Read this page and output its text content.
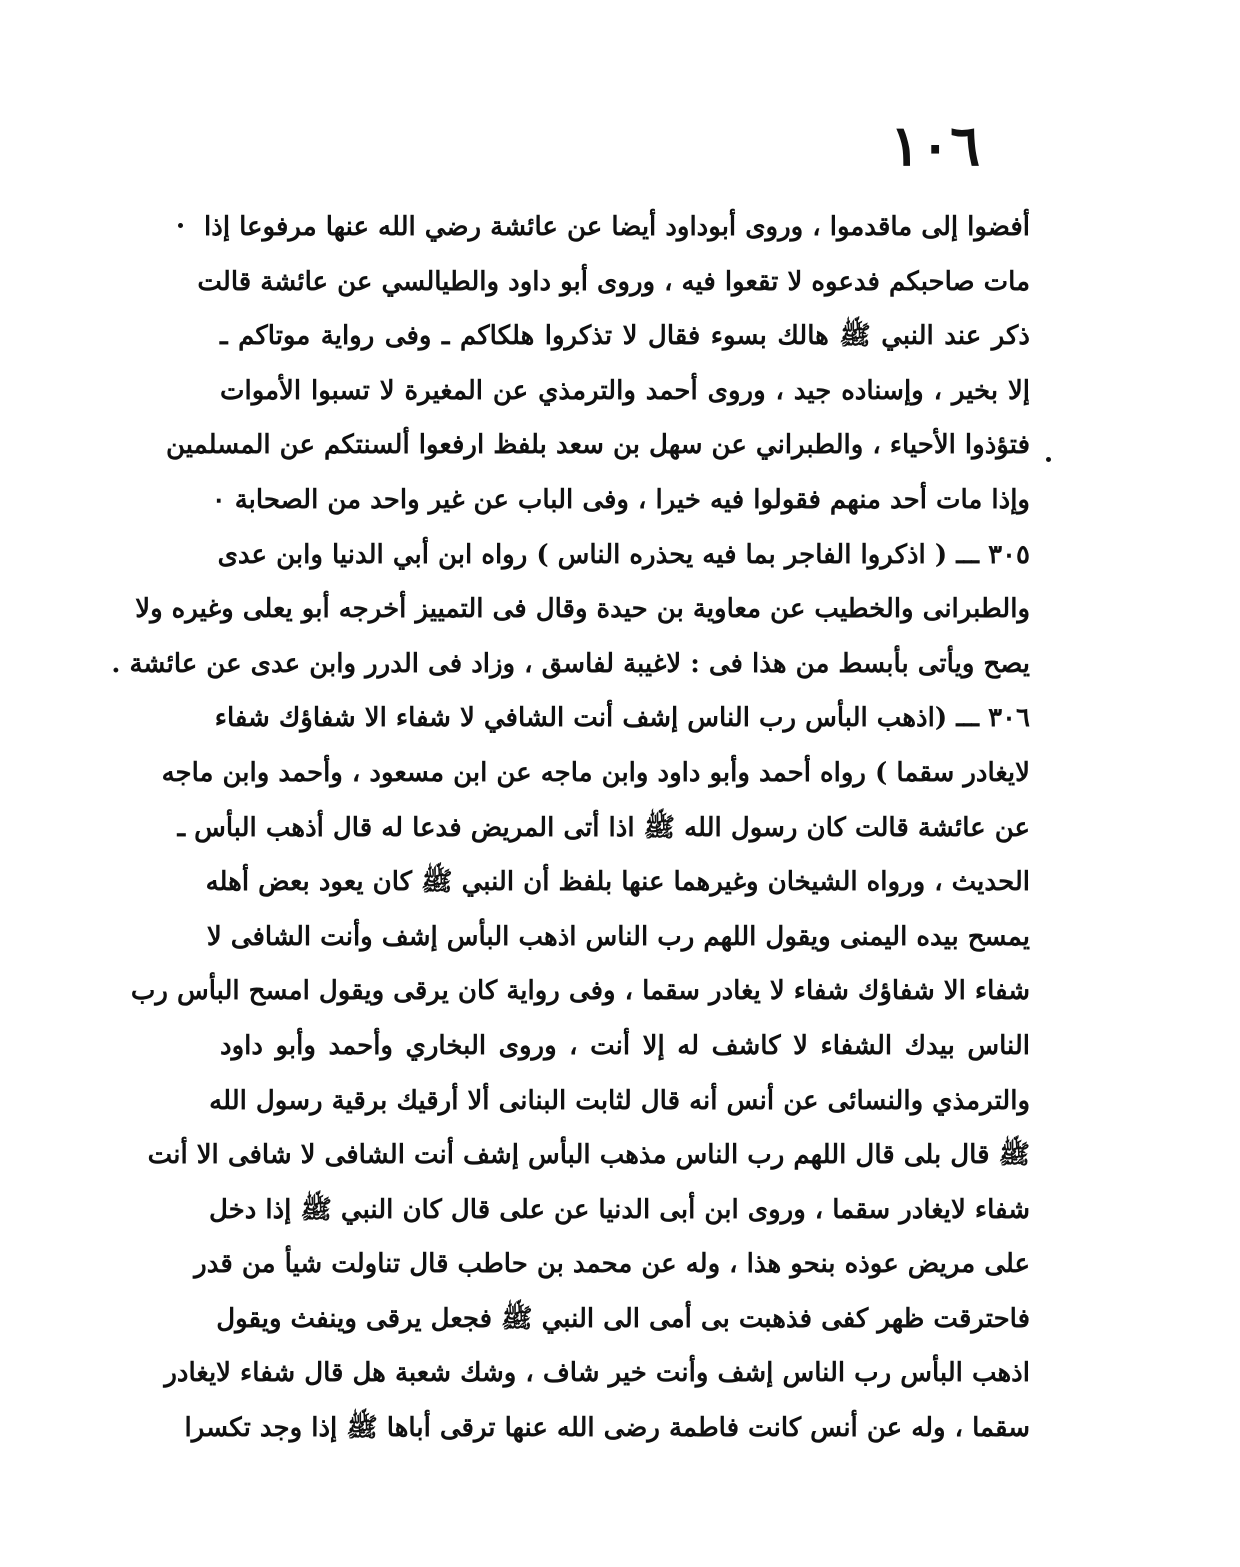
١٠٦
أفضوا إلى ماقدموا ، وروى أبوداود أيضا عن عائشة رضي الله عنها مرفوعا إذا
مات صاحبكم فدعوه لا تقعوا فيه ، وروى أبو داود والطيالسي عن عائشة قالت
ذكر عند النبي ﷺ هالك بسوء فقال لا تذكروا هلكاكم ـ وفى رواية موتاكم ـ
إلا بخير ، وإسناده جيد ، وروى أحمد والترمذي عن المغيرة لا تسبوا الأموات
فتؤذوا الأحياء ، والطبراني عن سهل بن سعد بلفظ ارفعوا ألسنتكم عن المسلمين
وإذا مات أحد منهم فقولوا فيه خيرا ، وفى الباب عن غير واحد من الصحابة ٠
٣٠٥ ـــ ( اذكروا الفاجر بما فيه يحذره الناس ) رواه ابن أبي الدنيا وابن عدى
والطبرانى والخطيب عن معاوية بن حيدة وقال فى التمييز أخرجه أبو يعلى وغيره ولا
يصح ويأتى بأبسط من هذا فى : لاغيبة لفاسق ، وزاد فى الدرر وابن عدى عن عائشة .
٣٠٦ ـــ (اذهب البأس رب الناس إشف أنت الشافي لا شفاء الا شفاؤك شفاء
لايغادر سقما ) رواه أحمد وأبو داود وابن ماجه عن ابن مسعود ، وأحمد وابن ماجه
عن عائشة قالت كان رسول الله ﷺ اذا أتى المريض فدعا له قال أذهب البأس ـ
الحديث ، ورواه الشيخان وغيرهما عنها بلفظ أن النبي ﷺ كان يعود بعض أهله
يمسح بيده اليمنى ويقول اللهم رب الناس اذهب البأس إشف وأنت الشافى لا
شفاء الا شفاؤك شفاء لا يغادر سقما ، وفى رواية كان يرقى ويقول امسح البأس رب
الناس بيدك الشفاء لا كاشف له إلا أنت ، وروى البخاري وأحمد وأبو داود
والترمذي والنسائى عن أنس أنه قال لثابت البنانى ألا أرقيك برقية رسول الله
ﷺ قال بلى قال اللهم رب الناس مذهب البأس إشف أنت الشافى لا شافى الا أنت
شفاء لايغادر سقما ، وروى ابن أبى الدنيا عن على قال كان النبي ﷺ إذا دخل
على مريض عوذه بنحو هذا ، وله عن محمد بن حاطب قال تناولت شيأ من قدر
فاحترقت ظهر كفى فذهبت بى أمى الى النبي ﷺ فجعل يرقى وينفث ويقول
اذهب البأس رب الناس إشف وأنت خير شاف ، وشك شعبة هل قال شفاء لايغادر
سقما ، وله عن أنس كانت فاطمة رضى الله عنها ترقى أباها ﷺ إذا وجد تكسرا
